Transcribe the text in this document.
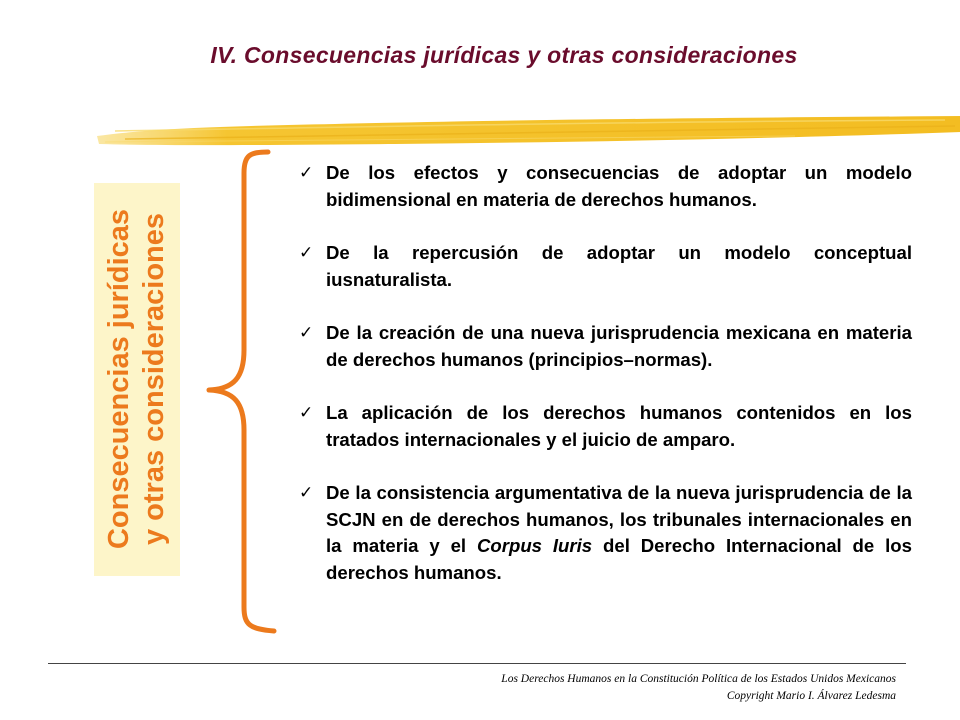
IV. Consecuencias jurídicas y otras consideraciones
Consecuencias jurídicas y otras consideraciones
✓ De los efectos y consecuencias de adoptar un modelo bidimensional en materia de derechos humanos.
✓ De la repercusión de adoptar un modelo conceptual iusnaturalista.
✓ De la creación de una nueva jurisprudencia mexicana en materia de derechos humanos (principios–normas).
✓ La aplicación de los derechos humanos contenidos en los tratados internacionales y el juicio de amparo.
✓ De la consistencia argumentativa de la nueva jurisprudencia de la SCJN en de derechos humanos, los tribunales internacionales en la materia y el Corpus Iuris del Derecho Internacional de los derechos humanos.
Los Derechos Humanos en la Constitución Política de los Estados Unidos Mexicanos
Copyright Mario I. Álvarez Ledesma
